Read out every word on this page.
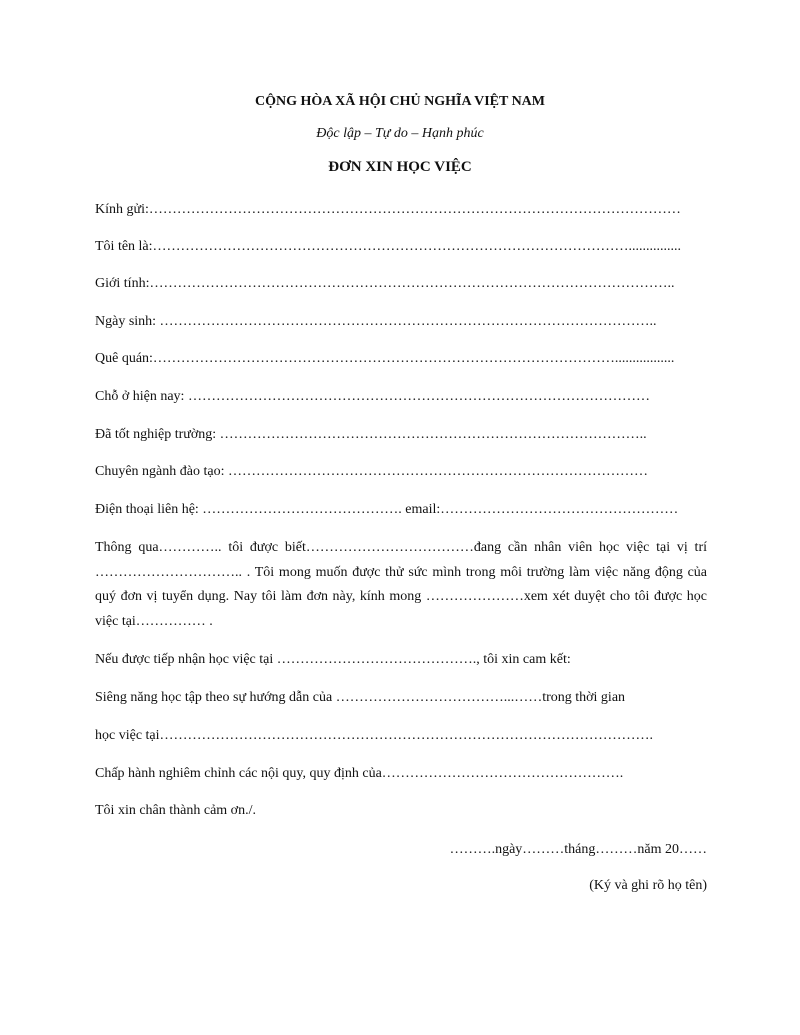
CỘNG HÒA XÃ HỘI CHỦ NGHĨA VIỆT NAM
Độc lập – Tự do – Hạnh phúc
ĐƠN XIN HỌC VIỆC
Kính gửi:……………………………………………………………………………………………………
Tôi tên là:…………………………………………………………………………………………...............
Giới tính:…………………………………………………………………………………………………..
Ngày sinh: ……………………………………………………………………………………………..
Quê quán:……………………………………………………………………………………….................
Chỗ ở hiện nay: ………………………………………………………………………………………
Đã tốt nghiệp trường: ………………………………………………………………………………..
Chuyên ngành đào tạo: ………………………………………………………………………………
Điện thoại liên hệ: ……………………………………. email:……………………………………………
Thông qua………….. tôi được biết………………………………đang cần nhân viên học việc tại vị trí ………………………….. . Tôi mong muốn được thử sức mình trong môi trường làm việc năng động của quý đơn vị tuyển dụng. Nay tôi làm đơn này, kính mong …………………xem xét duyệt cho tôi được học việc tại…………… .
Nếu được tiếp nhận học việc tại ……………………………………., tôi xin cam kết:
Siêng năng học tập theo sự hướng dẫn của ………………………………...……trong thời gian
học việc tại…………………………………………………………………………………………….
Chấp hành nghiêm chỉnh các nội quy, quy định của…………………………………………….
Tôi xin chân thành cảm ơn./.
……….ngày………tháng………năm 20……
(Ký và ghi rõ họ tên)
